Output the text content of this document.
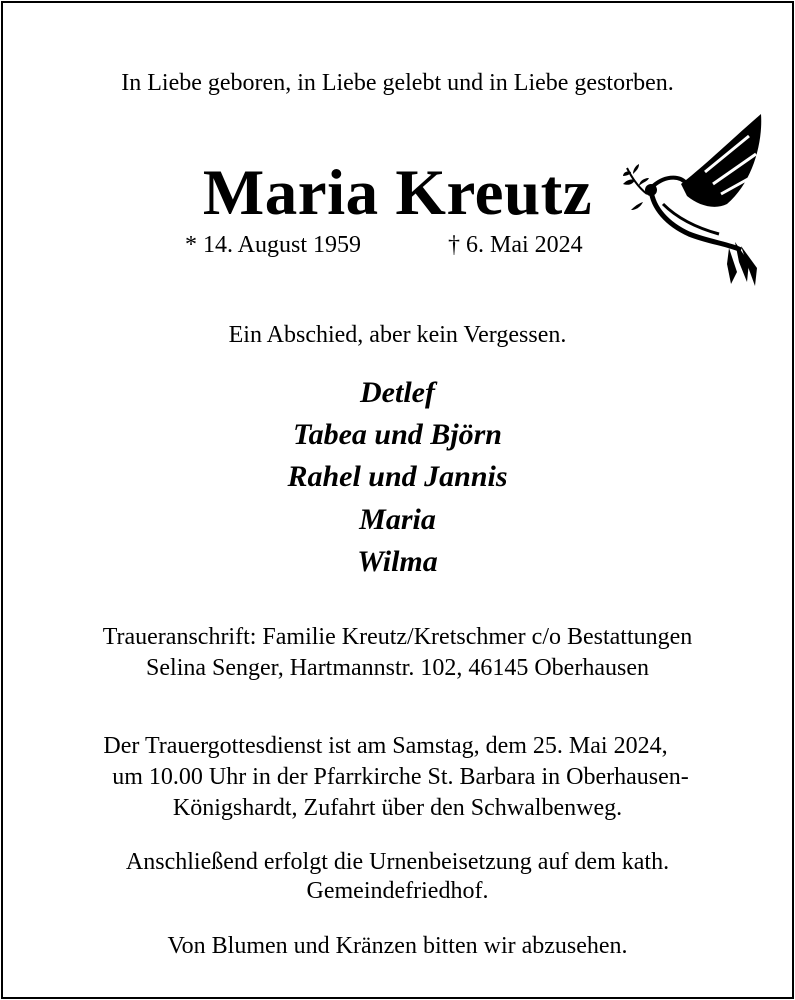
In Liebe geboren, in Liebe gelebt und in Liebe gestorben.
Maria Kreutz
* 14. August 1959	† 6. Mai 2024
Ein Abschied, aber kein Vergessen.
Detlef
Tabea und Björn
Rahel und Jannis
Maria
Wilma
Traueranschrift: Familie Kreutz/Kretschmer c/o Bestattungen
Selina Senger, Hartmannstr. 102, 46145 Oberhausen
Der Trauergottesdienst ist am Samstag, dem 25. Mai 2024,
um 10.00 Uhr in der Pfarrkirche St. Barbara in Oberhausen-
Königshardt, Zufahrt über den Schwalbenweg.
Anschließend erfolgt die Urnenbeisetzung auf dem kath.
Gemeindefriedhof.
Von Blumen und Kränzen bitten wir abzusehen.
